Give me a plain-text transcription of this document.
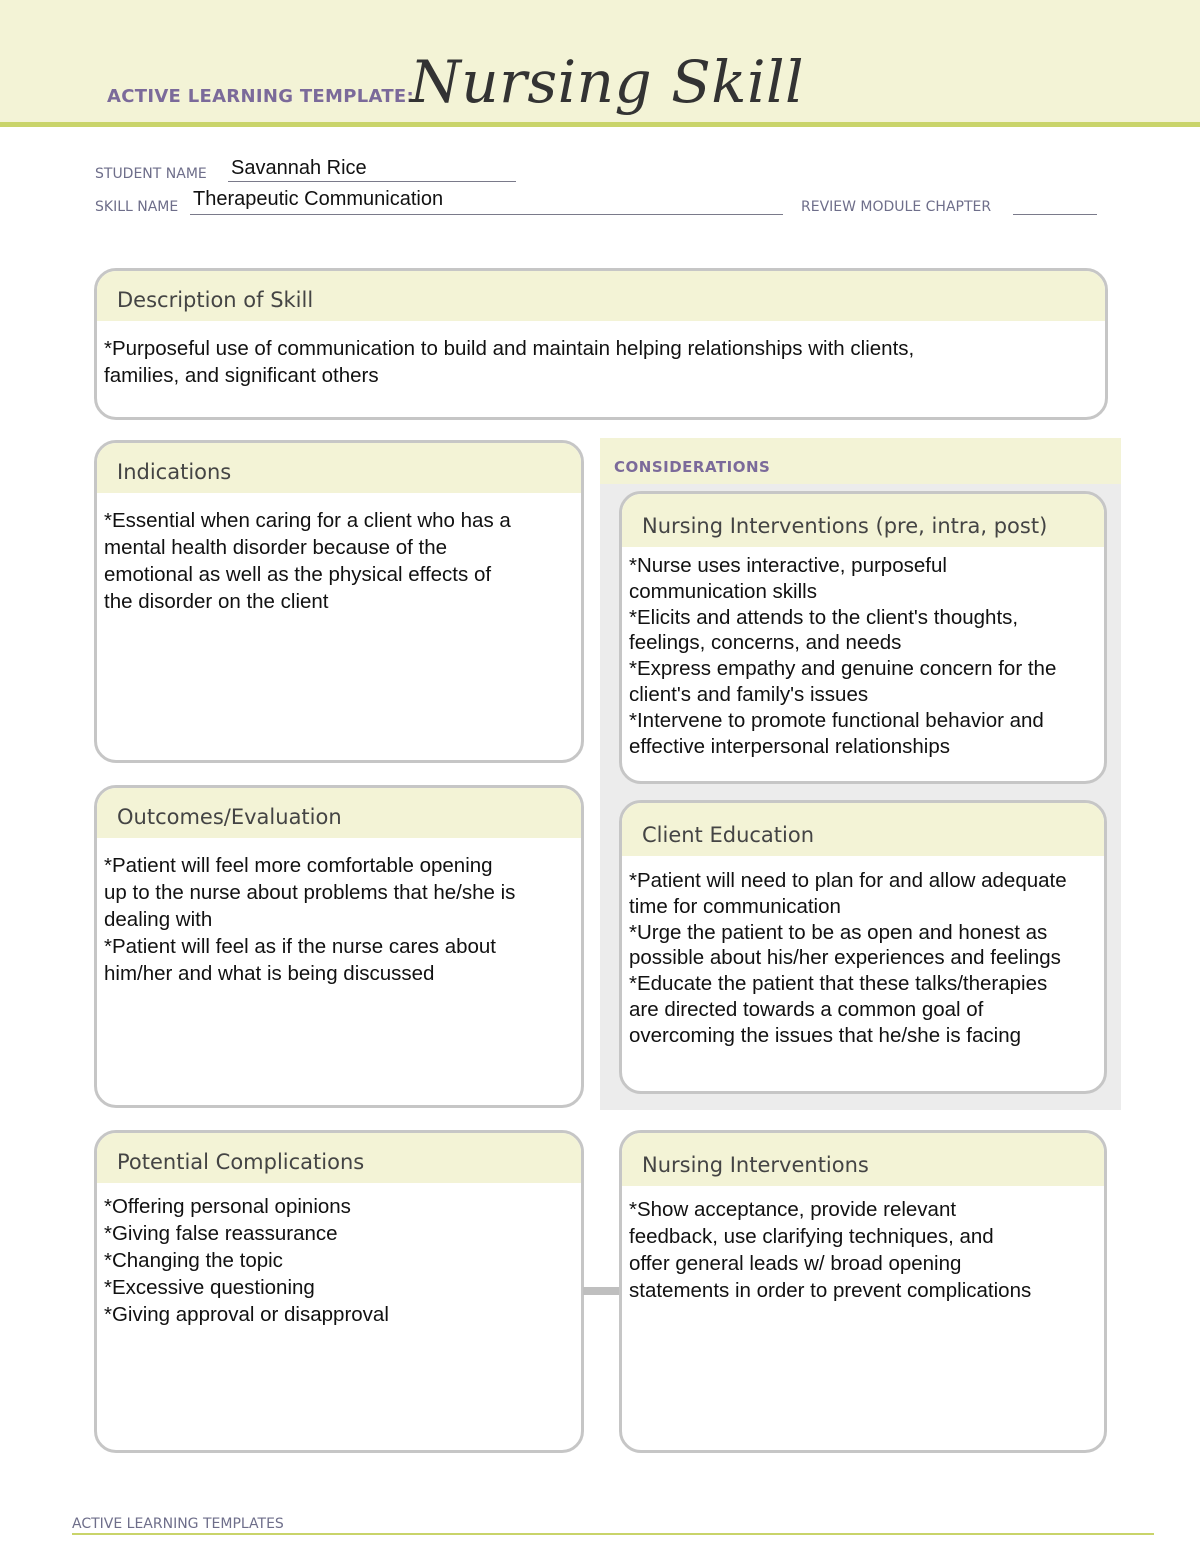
ACTIVE LEARNING TEMPLATE:
Nursing Skill
STUDENT NAME Savannah Rice
SKILL NAME Therapeutic Communication	REVIEW MODULE CHAPTER
Description of Skill
*Purposeful use of communication to build and maintain helping relationships with clients,
families, and significant others
Indications
*Essential when caring for a client who has a
mental health disorder because of the
emotional as well as the physical effects of
the disorder on the client
CONSIDERATIONS
Nursing Interventions (pre, intra, post)
*Nurse uses interactive, purposeful
communication skills
*Elicits and attends to the client's thoughts,
feelings, concerns, and needs
*Express empathy and genuine concern for the
client's and family's issues
*Intervene to promote functional behavior and
effective interpersonal relationships
Outcomes/Evaluation
*Patient will feel more comfortable opening
up to the nurse about problems that he/she is
dealing with
*Patient will feel as if the nurse cares about
him/her and what is being discussed
Client Education
*Patient will need to plan for and allow adequate
time for communication
*Urge the patient to be as open and honest as
possible about his/her experiences and feelings
*Educate the patient that these talks/therapies
are directed towards a common goal of
overcoming the issues that he/she is facing
Potential Complications
*Offering personal opinions
*Giving false reassurance
*Changing the topic
*Excessive questioning
*Giving approval or disapproval
Nursing Interventions
*Show acceptance, provide relevant
feedback, use clarifying techniques, and
offer general leads w/ broad opening
statements in order to prevent complications
ACTIVE LEARNING TEMPLATES
